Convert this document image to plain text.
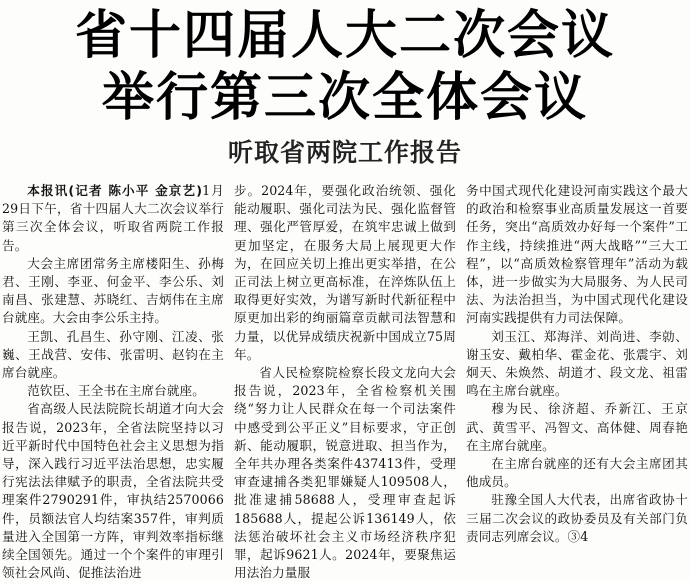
省十四届人大二次会议
举行第三次全体会议
听取省两院工作报告

本报讯(记者 陈小平 金京艺)1月29日下午，省十四届人大二次会议举行第三次全体会议，听取省两院工作报告。

大会主席团常务主席楼阳生、孙梅君、王刚、李亚、何金平、李公乐、刘南昌、张建慧、苏晓红、吉炳伟在主席台就座。大会由李公乐主持。

王凯、孔昌生、孙守刚、江凌、张巍、王战营、安伟、张雷明、赵钧在主席台就座。

范钦臣、王全书在主席台就座。

省高级人民法院院长胡道才向大会报告说，2023年，全省法院坚持以习近平新时代中国特色社会主义思想为指导，深入践行习近平法治思想，忠实履行宪法法律赋予的职责，全省法院共受理案件2790291件，审执结2570066件，员额法官人均结案357件，审判质量进入全国第一方阵，审判效率指标继续全国领先。通过一个个案件的审理引领社会风尚、促推法治进

步。2024年，要强化政治统领、强化能动履职、强化司法为民、强化监督管理、强化严管厚爱，在筑牢忠诚上做到更加坚定，在服务大局上展现更大作为，在回应关切上推出更实举措，在公正司法上树立更高标准，在淬炼队伍上取得更好实效，为谱写新时代新征程中原更加出彩的绚丽篇章贡献司法智慧和力量，以优异成绩庆祝新中国成立75周年。

省人民检察院检察长段文龙向大会报告说，2023年，全省检察机关围绕“努力让人民群众在每一个司法案件中感受到公平正义”目标要求，守正创新、能动履职，锐意进取、担当作为，全年共办理各类案件437413件，受理审查逮捕各类犯罪嫌疑人109508人，批准逮捕58688人，受理审查起诉185688人，提起公诉136149人，依法惩治破坏社会主义市场经济秩序犯罪，起诉9621人。2024年，要聚焦运用法治力量服

务中国式现代化建设河南实践这个最大的政治和检察事业高质量发展这一首要任务，突出“高质效办好每一个案件”工作主线，持续推进“两大战略”“三大工程”，以“高质效检察管理年”活动为载体，进一步做实为大局服务、为人民司法、为法治担当，为中国式现代化建设河南实践提供有力司法保障。

刘玉江、郑海洋、刘尚进、李勍、谢玉安、戴柏华、霍金花、张震宇、刘炯天、朱焕然、胡道才、段文龙、祖雷鸣在主席台就座。

穆为民、徐济超、乔新江、王京武、黄雪平、冯智文、高体健、周春艳在主席台就座。

在主席台就座的还有大会主席团其他成员。

驻豫全国人大代表，出席省政协十三届二次会议的政协委员及有关部门负责同志列席会议。③4
